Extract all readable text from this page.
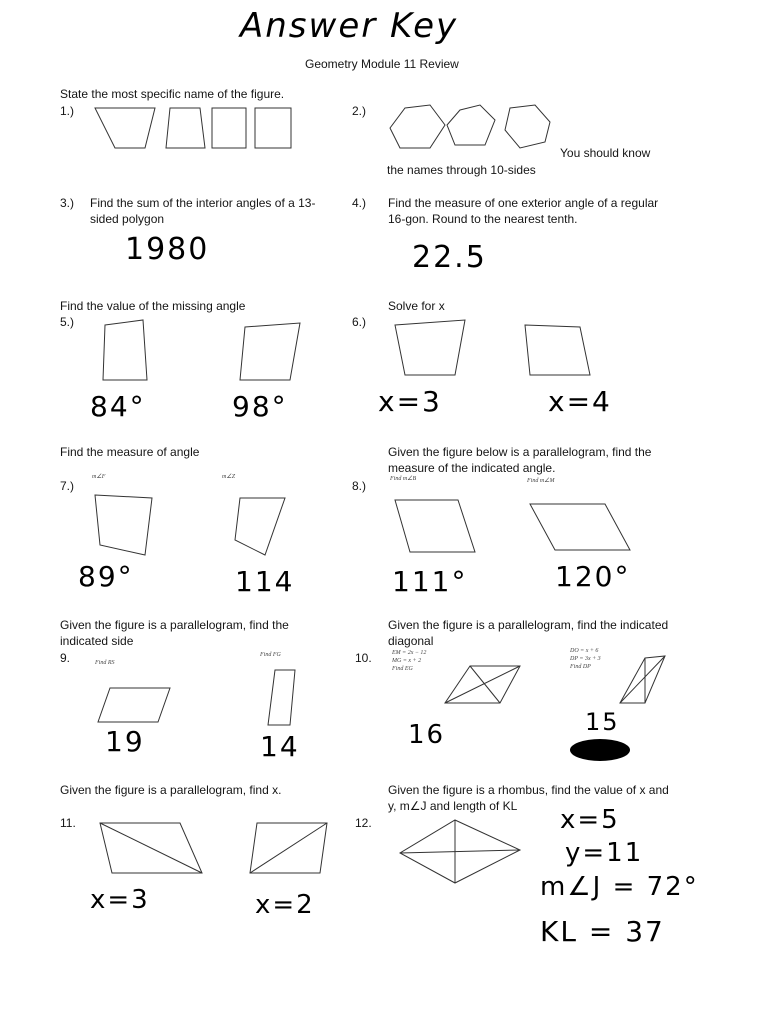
Answer Key
Geometry Module 11 Review
State the most specific name of the figure.
1.)	2.)
You should know
the names through 10-sides
3.) Find the sum of the interior angles of a 13-sided polygon
1980
4.) Find the measure of one exterior angle of a regular 16-gon. Round to the nearest tenth.
22.5
Find the value of the missing angle
5.)
84°	98°
Solve for x
6.)
x=3	x=4
Find the measure of angle
7.)
m∠F	m∠Z
89°	114
Given the figure below is a parallelogram, find the measure of the indicated angle.
8.)	Find m∠B	Find m∠M
111°	120°
Given the figure is a parallelogram, find the indicated side
9.	Find RS
Find FG
19	14
Given the figure is a parallelogram, find the indicated diagonal
10.	EM = 2x − 12
MG = x + 2
Find EG
DO = x + 6
DP = 3x + 3
Find DP
16	15
Given the figure is a parallelogram, find x.
11.
x=3	x=2
Given the figure is a rhombus, find the value of x and y, m∠J and length of KL
12.	x=5
y=11
m∠J = 72°
KL = 37
